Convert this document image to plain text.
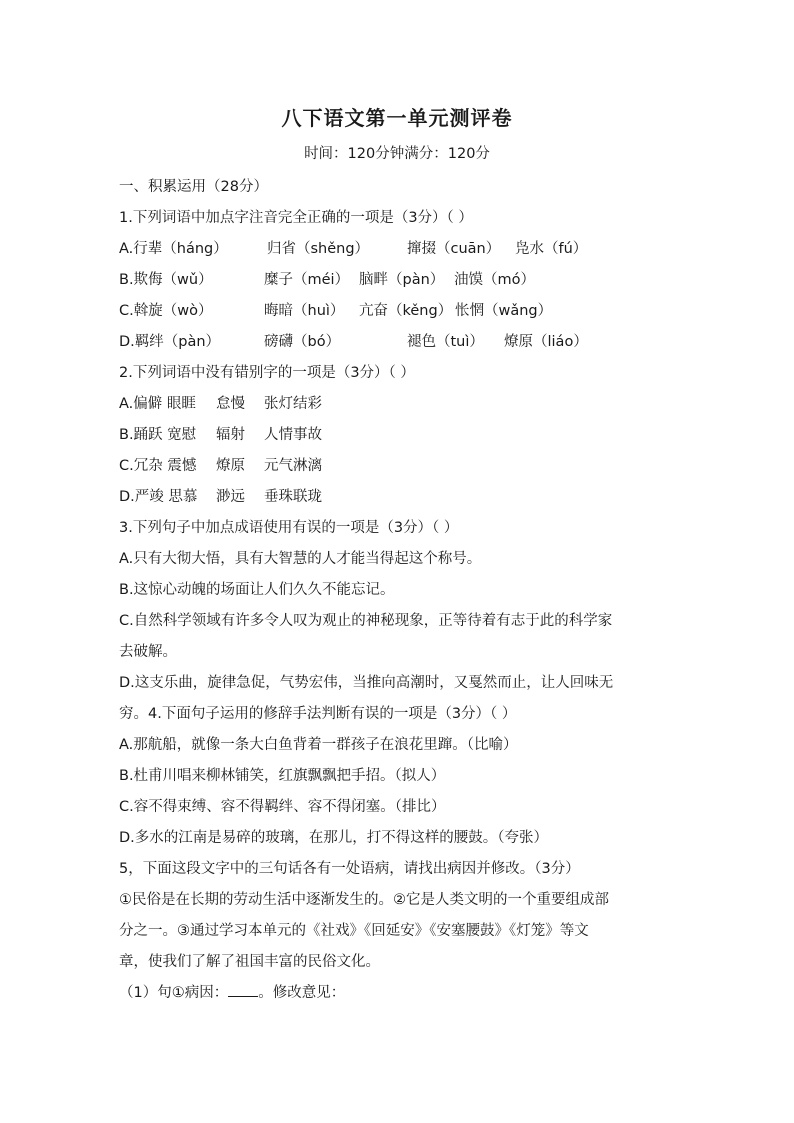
八下语文第一单元测评卷
时间：120分钟满分：120分
一、积累运用（28分）
1.下列词语中加点字注音完全正确的一项是（3分）（ ）
A.行辈（háng）	归省（shěng）	撺掇（cuān） 凫水（fú）
B.欺侮（wǔ）	糜子（méi） 脑畔（pàn） 油馍（mó）
C.斡旋（wò）	晦暗（huì） 亢奋（kěng） 怅惘（wǎng）
D.羁绊（pàn）	磅礴（bó）	褪色（tuì） 燎原（liáo）
2.下列词语中没有错别字的一项是（3分）（ ）
A.偏僻 眼睚 怠慢 张灯结彩
B.踊跃 宽慰 辐射 人情事故
C.冗杂 震憾 燎原 元气淋漓
D.严竣 思慕 渺远 垂珠联珑
3.下列句子中加点成语使用有误的一项是（3分）（ ）
A.只有大彻大悟，具有大智慧的人才能当得起这个称号。
B.这惊心动魄的场面让人们久久不能忘记。
C.自然科学领域有许多令人叹为观止的神秘现象，正等待着有志于此的科学家
去破解。
D.这支乐曲，旋律急促，气势宏伟，当推向高潮时，又戛然而止，让人回味无
穷。4.下面句子运用的修辞手法判断有误的一项是（3分）（ ）
A.那航船，就像一条大白鱼背着一群孩子在浪花里蹿。（比喻）
B.杜甫川唱来柳林铺笑，红旗飘飘把手招。（拟人）
C.容不得束缚、容不得羁绊、容不得闭塞。（排比）
D.多水的江南是易碎的玻璃，在那儿，打不得这样的腰鼓。（夸张）
5，下面这段文字中的三句话各有一处语病，请找出病因并修改。（3分）
①民俗是在长期的劳动生活中逐渐发生的。②它是人类文明的一个重要组成部
分之一。③通过学习本单元的《社戏》《回延安》《安塞腰鼓》《灯笼》等文
章，使我们了解了祖国丰富的民俗文化。
（1）句①病因： 。修改意见：
